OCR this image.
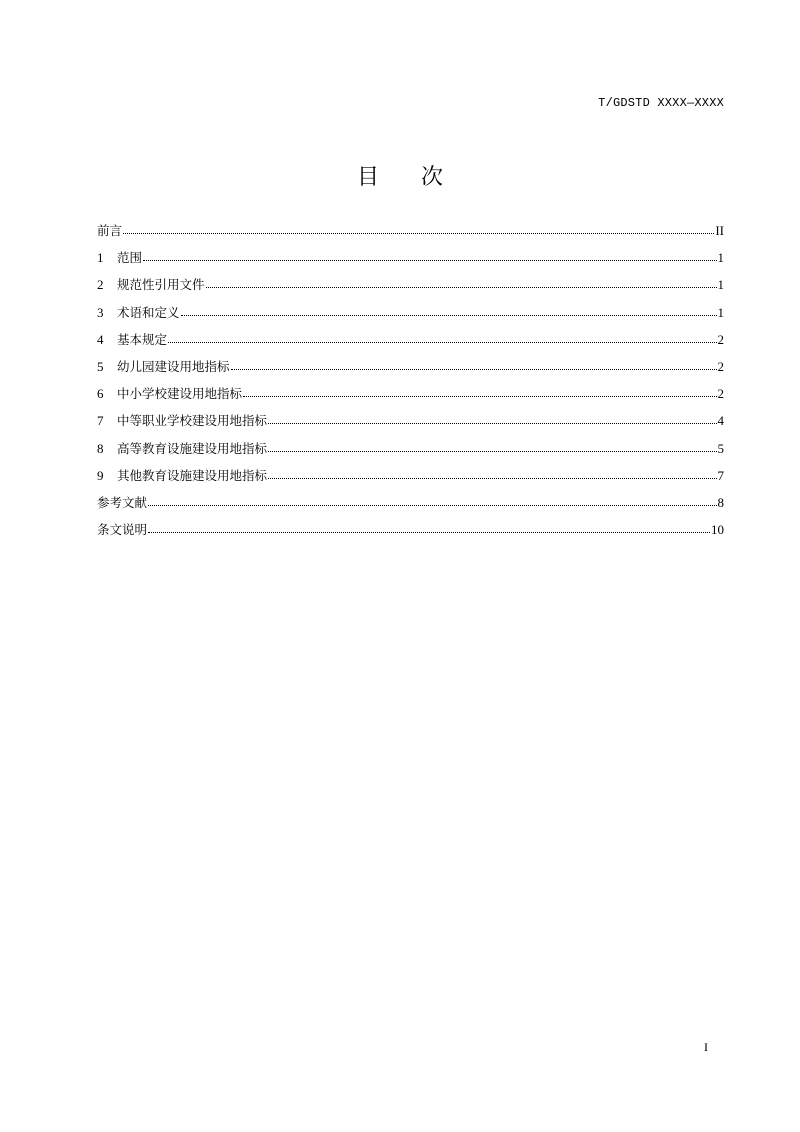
T/GDSTD XXXX—XXXX
目      次
前言	II
1	范围	1
2	规范性引用文件	1
3	术语和定义	1
4	基本规定	2
5	幼儿园建设用地指标	2
6	中小学校建设用地指标	2
7	中等职业学校建设用地指标	4
8	高等教育设施建设用地指标	5
9	其他教育设施建设用地指标	7
参考文献	8
条文说明	10
I
